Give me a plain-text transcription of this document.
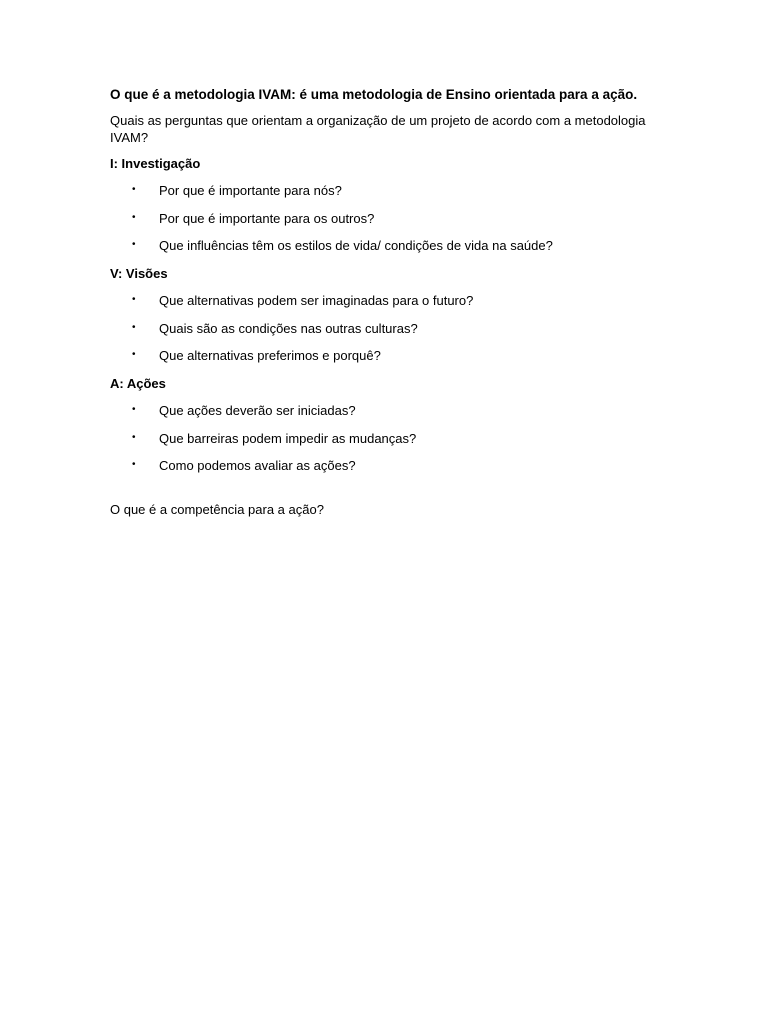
O que é a metodologia IVAM: é uma metodologia de Ensino orientada para a ação.

Quais as perguntas que orientam a organização de um projeto de acordo com a metodologia IVAM?

I: Investigação
• Por que é importante para nós?
• Por que é importante para os outros?
• Que influências têm os estilos de vida/ condições de vida na saúde?
V: Visões
• Que alternativas podem ser imaginadas para o futuro?
• Quais são as condições nas outras culturas?
• Que alternativas preferimos e porquê?
A: Ações
• Que ações deverão ser iniciadas?
• Que barreiras podem impedir as mudanças?
• Como podemos avaliar as ações?

O que é a competência para a ação?
